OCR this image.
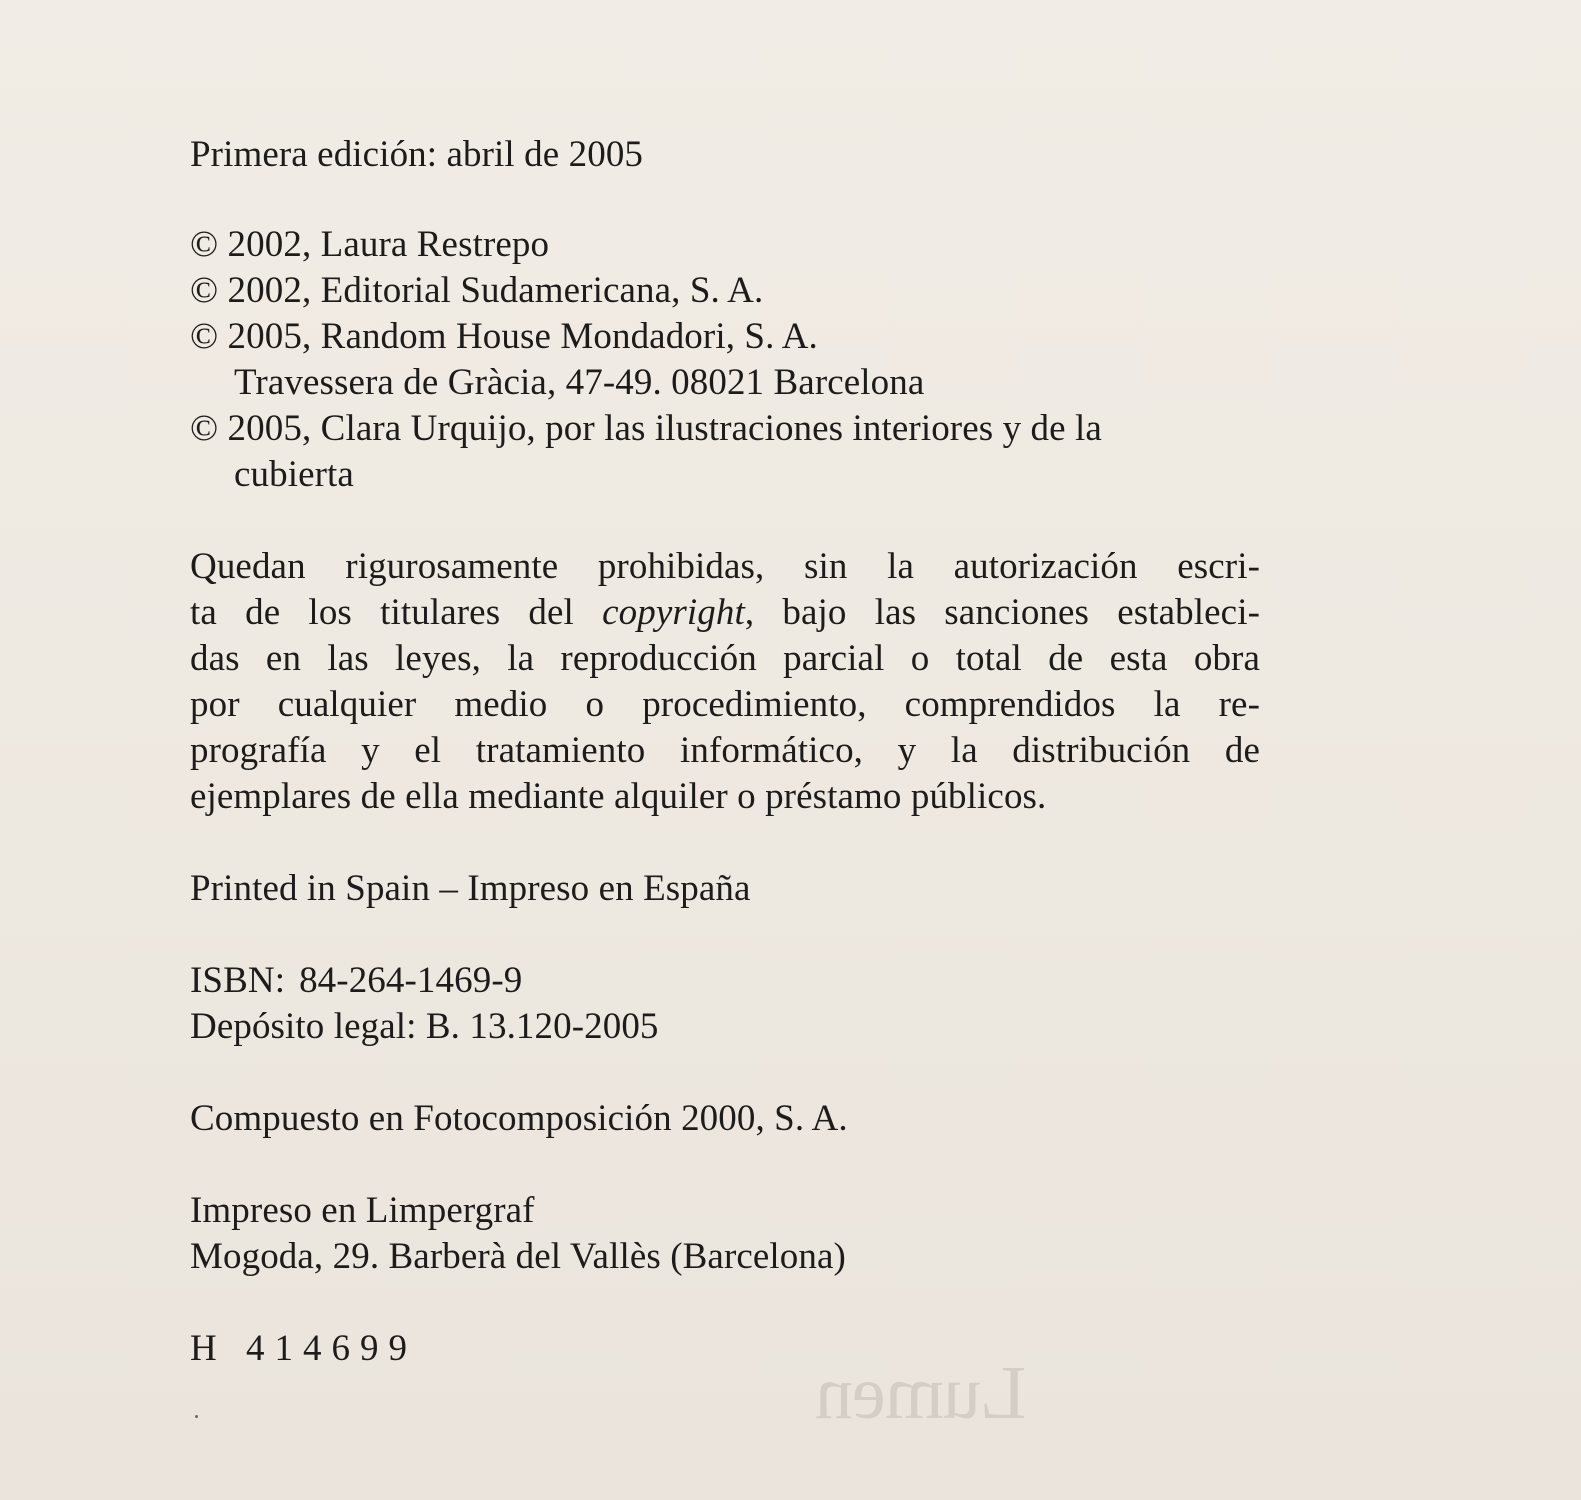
Primera edición: abril de 2005

© 2002, Laura Restrepo
© 2002, Editorial Sudamericana, S. A.
© 2005, Random House Mondadori, S. A.
Travessera de Gràcia, 47-49. 08021 Barcelona
© 2005, Clara Urquijo, por las ilustraciones interiores y de la
cubierta

Quedan rigurosamente prohibidas, sin la autorización escri-
ta de los titulares del copyright, bajo las sanciones estableci-
das en las leyes, la reproducción parcial o total de esta obra
por cualquier medio o procedimiento, comprendidos la re-
prografía y el tratamiento informático, y la distribución de
ejemplares de ella mediante alquiler o préstamo públicos.

Printed in Spain – Impreso en España

ISBN: 84-264-1469-9
Depósito legal: B. 13.120-2005

Compuesto en Fotocomposición 2000, S. A.

Impreso en Limpergraf
Mogoda, 29. Barberà del Vallès (Barcelona)

H 414699

Lumen
